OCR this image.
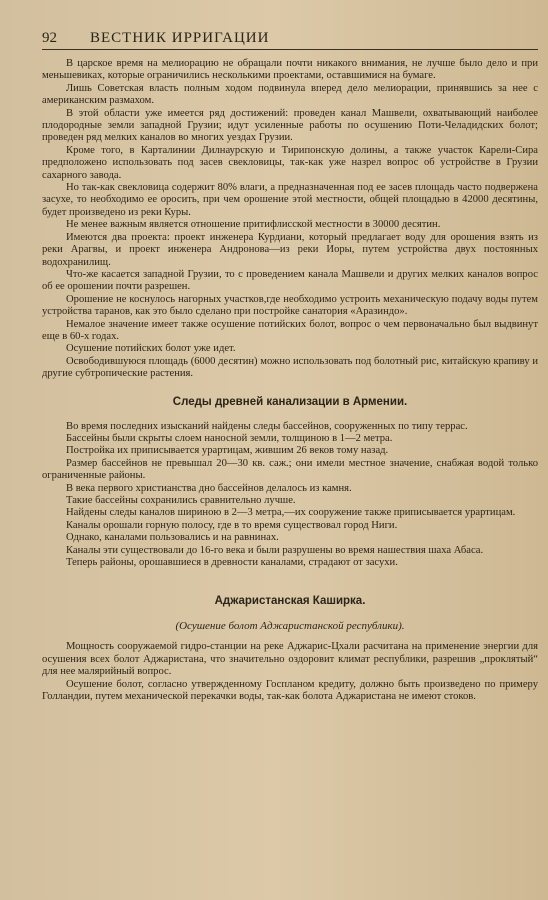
92	ВЕСТНИК ИРРИГАЦИИ

В царское время на мелиорацию не обращали почти никакого внимания, не лучше было дело и при меньшевиках, которые ограничились несколькими проектами, оставшимися на бумаге.

Лишь Советская власть полным ходом подвинула вперед дело мелиорации, принявшись за нее с американским размахом.

В этой области уже имеется ряд достижений: проведен канал Машвели, охватывающий наиболее плодородные земли западной Грузии; идут усиленные работы по осушению Поти-Челадидских болот; проведен ряд мелких каналов во многих уездах Грузии.

Кроме того, в Карталинии Дилнаурскую и Тирипонскую долины, а также участок Карели-Сира предположено использовать под засев свекловицы, так-как уже назрел вопрос об устройстве в Грузии сахарного завода.

Но так-как свекловица содержит 80% влаги, а предназначенная под ее засев площадь часто подвержена засухе, то необходимо ее оросить, при чем орошение этой местности, общей площадью в 42000 десятины, будет произведено из реки Куры.

Не менее важным является отношение притифлисской местности в 30000 десятин.

Имеются два проекта: проект инженера Курдиани, который предлагает воду для орошения взять из реки Арагвы, и проект инженера Андронова—из реки Иоры, путем устройства двух постоянных водохранилищ.

Что-же касается западной Грузии, то с проведением канала Машвели и других мелких каналов вопрос об ее орошении почти разрешен.

Орошение не коснулось нагорных участков,где необходимо устроить механическую подачу воды путем устройства таранов, как это было сделано при постройке санатория «Аразиндо».

Немалое значение имеет также осушение потийских болот, вопрос о чем первоначально был выдвинут еще в 60-х годах.

Осушение потийских болот уже идет.

Освободившуюся площадь (6000 десятин) можно использовать под болотный рис, китайскую крапиву и другие субтропические растения.

Следы древней канализации в Армении.

Во время последних изысканий найдены следы бассейнов, сооруженных по типу террас.

Бассейны были скрыты слоем наносной земли, толщиною в 1—2 метра.

Постройка их приписывается урартицам, жившим 26 веков тому назад.

Размер бассейнов не превышал 20—30 кв. саж.; они имели местное значение, снабжая водой только ограниченные районы.

В века первого христианства дно бассейнов делалось из камня.

Такие бассейны сохранились сравнительно лучше.

Найдены следы каналов шириною в 2—3 метра,—их сооружение также приписывается урартицам.

Каналы орошали горную полосу, где в то время существовал город Ниги.

Однако, каналами пользовались и на равнинах.

Каналы эти существовали до 16-го века и были разрушены во время нашествия шаха Абаса.

Теперь районы, орошавшиеся в древности каналами, страдают от засухи.

Аджаристанская Каширка.
(Осушение болот Аджаристанской республики).

Мощность сооружаемой гидро-станции на реке Аджарис-Цхали расчитана на применение энергии для осушения всех болот Аджаристана, что значительно оздоровит климат республики, разрешив „проклятый“ для нее малярийный вопрос.

Осушение болот, согласно утвержденному Госпланом кредиту, должно быть произведено по примеру Голландии, путем механической перекачки воды, так-как болота Аджаристана не имеют стоков.
